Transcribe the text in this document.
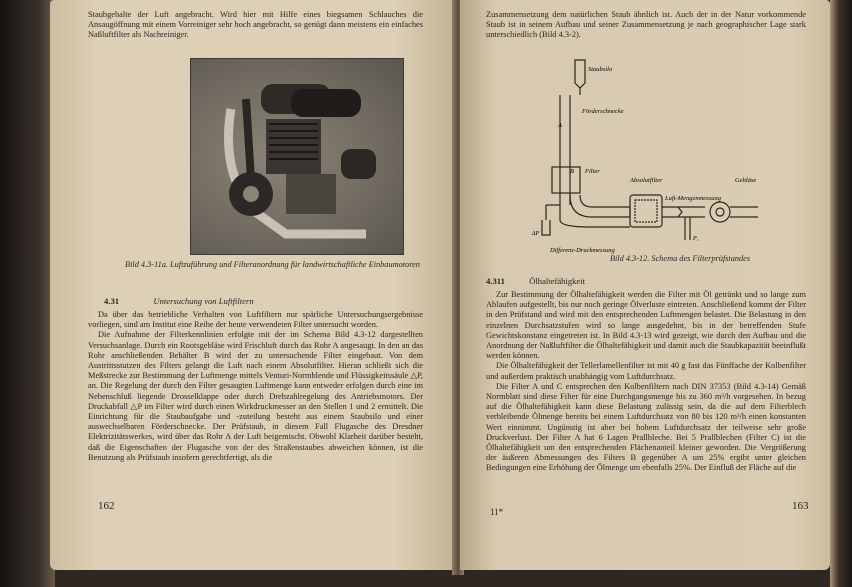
Staubgehalte der Luft angebracht. Wird hier mit Hilfe eines biegsamen Schlauches die Ansaugöffnung mit einem Vorreiniger sehr hoch angebracht, so genügt dann meistens ein einfaches Naßluftfilter als Nachreiniger.

Bild 4.3-11a. Luftzuführung und Filteranordnung für landwirtschaftliche Einbaumotoren
4.31	Untersuchung von Luftfiltern

Da über das betriebliche Verhalten von Luftfiltern nur spärliche Untersuchungsergebnisse vorliegen, sind am Institut eine Reihe der heute verwendeten Filter untersucht worden.

Die Aufnahme der Filterkennlinien erfolgte mit der im Schema Bild 4.3-12 dargestellten Versuchsanlage. Durch ein Rootsgebläse wird Frischluft durch das Rohr A angesaugt. In den an das Rohr anschließenden Behälter B wird der zu untersuchende Filter eingebaut. Von dem Austrittsstutzen des Filters gelangt die Luft nach einem Absolutfilter. Hieran schließt sich die Meßstrecke zur Bestimmung der Luftmenge mittels Venturi-Normblende und Flüssigkeitssäule △P, an. Die Regelung der durch den Filter gesaugten Luftmenge kann entweder erfolgen durch eine im Nebenschluß liegende Drosselklappe oder durch Drehzahlregelung des Antriebsmotors. Der Druckabfall △P im Filter wird durch einen Wirkdruckmesser an den Stellen 1 und 2 ermittelt. Die Einrichtung für die Staubaufgabe und -zuteilung besteht aus einem Staubsilo und einer auswechselbaren Förderschnecke. Der Prüfstaub, in diesem Fall Flugasche des Dresdner Elektrizitätswerkes, wird über das Rohr A der Luft beigemischt. Obwohl Klarheit darüber besteht, daß die Eigenschaften der Flugasche von der des Straßenstaubes abweichen können, ist die Benutzung als Prüfstaub insofern gerechtfertigt, als die

162

Zusammensetzung dem natürlichen Staub ähnlich ist. Auch der in der Natur vorkommende Staub ist in seinem Aufbau und seiner Zusammensetzung je nach geographischer Lage stark unterschiedlich (Bild 4.3-2).

Staubsilo
Förderschnecke
A
B Filter
Absolutfilter	Gebläse
Luft-Mengenmessung
ΔP
P₁
Differenz-Druckmessung
Bild 4.3-12. Schema des Filterprüfstandes
4.311	Ölhaltefähigkeit

Zur Bestimmung der Ölhaltefähigkeit werden die Filter mit Öl getränkt und so lange zum Ablaufen aufgestellt, bis nur noch geringe Ölverluste eintreten. Anschließend kommt der Filter in den Prüfstand und wird mit den entsprechenden Luftmengen belastet. Die Belastung in den einzelnen Durchsatzstufen wird so lange ausgedehnt, bis in der betreffenden Stufe Gewichtskonstanz eingetreten ist. In Bild 4.3-13 wird gezeigt, wie durch den Aufbau und die Anordnung der Naßluftfilter die Ölhaltefähigkeit und damit auch die Staubkapazität beeinflußt werden können.

Die Ölhaltefähigkeit der Tellerlamellenfilter ist mit 40 g fast das Fünffache der Kolbenfilter und außerdem praktisch unabhängig vom Luftdurchsatz.

Die Filter A und C entsprechen den Kolbenfiltern nach DIN 37353 (Bild 4.3-14) Gemäß Normblatt sind diese Filter für eine Durchgangsmenge bis zu 360 m³/h vorgesehen. In bezug auf die Ölhaltefähigkeit kann diese Belastung zulässig sein, da die auf dem Filterblech verbleibende Ölmenge bereits bei einem Luftdurchsatz von 80 bis 120 m³/h einen konstanten Wert einnimmt. Ungünstig ist aber bei hohem Luftdurchsatz der teilweise sehr große Druckverlust. Der Filter A hat 6 Lagen Prallbleche. Bei 5 Prallblechen (Filter C) ist die Ölhaltefähigkeit um den entsprechenden Flächenanteil kleiner geworden. Die Vergrößerung der äußeren Abmessungen des Filters B gegenüber A um 25% ergibt unter gleichen Bedingungen eine Erhöhung der Ölmenge um ebenfalls 25%. Der Einfluß der Fläche auf die

11*	163
